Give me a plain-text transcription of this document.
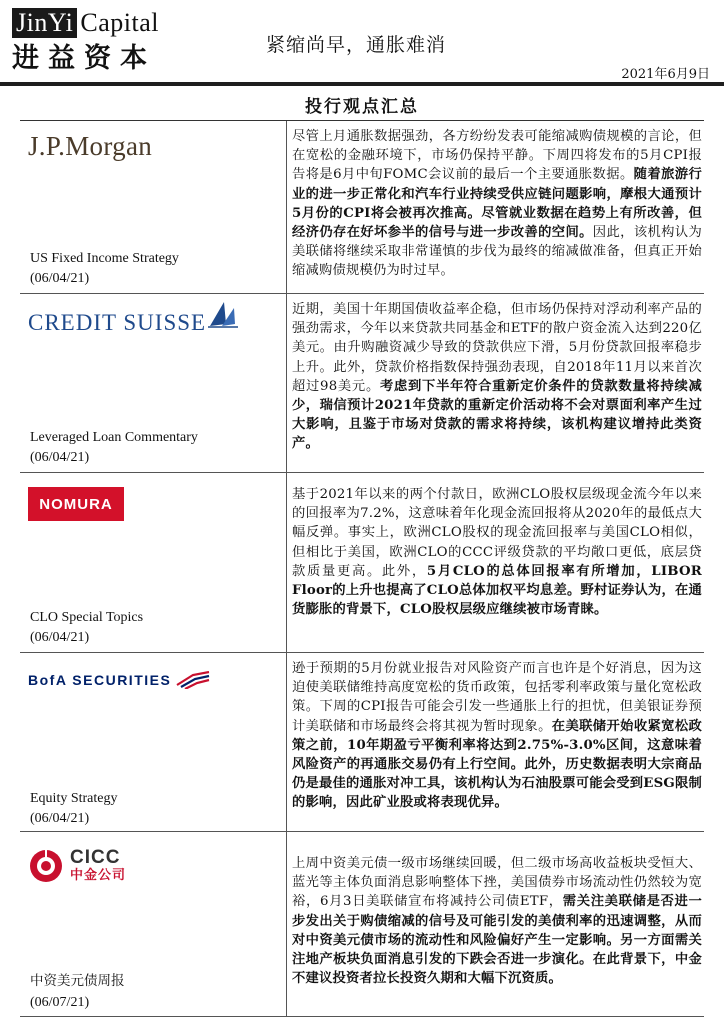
JinYi Capital
进益资本	紧缩尚早，通胀难消
2021年6月9日
投行观点汇总
J.P.Morgan
US Fixed Income Strategy
(06/04/21)
尽管上月通胀数据强劲，各方纷纷发表可能缩减购债规模的言论，但在宽松的金融环境下，市场仍保持平静。下周四将发布的5月CPI报告将是6月中旬FOMC会议前的最后一个主要通胀数据。随着旅游行业的进一步正常化和汽车行业持续受供应链问题影响，摩根大通预计5月份的CPI将会被再次推高。尽管就业数据在趋势上有所改善，但经济仍存在好坏参半的信号与进一步改善的空间。因此，该机构认为美联储将继续采取非常谨慎的步伐为最终的缩减做准备，但真正开始缩减购债规模仍为时过早。
CREDIT SUISSE
Leveraged Loan Commentary
(06/04/21)
近期，美国十年期国债收益率企稳，但市场仍保持对浮动利率产品的强劲需求，今年以来贷款共同基金和ETF的散户资金流入达到220亿美元。由升购融资减少导致的贷款供应下滑，5月份贷款回报率稳步上升。此外，贷款价格指数保持强劲表现，自2018年11月以来首次超过98美元。考虑到下半年符合重新定价条件的贷款数量将持续减少，瑞信预计2021年贷款的重新定价活动将不会对票面利率产生过大影响，且鉴于市场对贷款的需求将持续，该机构建议增持此类资产。
NOMURA
CLO Special Topics
(06/04/21)
基于2021年以来的两个付款日，欧洲CLO股权层级现金流今年以来的回报率为7.2%，这意味着年化现金流回报将从2020年的最低点大幅反弹。事实上，欧洲CLO股权的现金流回报率与美国CLO相似，但相比于美国，欧洲CLO的CCC评级贷款的平均敞口更低，底层贷款质量更高。此外，5月CLO的总体回报率有所增加，LIBOR Floor的上升也提高了CLO总体加权平均息差。野村证券认为，在通货膨胀的背景下，CLO股权层级应继续被市场青睐。
BofA SECURITIES
Equity Strategy
(06/04/21)
逊于预期的5月份就业报告对风险资产而言也许是个好消息，因为这迫使美联储维持高度宽松的货币政策，包括零利率政策与量化宽松政策。下周的CPI报告可能会引发一些通胀上行的担忧，但美银证券预计美联储和市场最终会将其视为暂时现象。在美联储开始收紧宽松政策之前，10年期盈亏平衡利率将达到2.75%-3.0%区间，这意味着风险资产的再通胀交易仍有上行空间。此外，历史数据表明大宗商品仍是最佳的通胀对冲工具，该机构认为石油股票可能会受到ESG限制的影响，因此矿业股或将表现优异。
CICC
中金公司
中资美元债周报
(06/07/21)
上周中资美元债一级市场继续回暖，但二级市场高收益板块受恒大、蓝光等主体负面消息影响整体下挫，美国债券市场流动性仍然较为宽裕，6月3日美联储宣布将减持公司债ETF，需关注美联储是否进一步发出关于购债缩减的信号及可能引发的美债利率的迅速调整，从而对中资美元债市场的流动性和风险偏好产生一定影响。另一方面需关注地产板块负面消息引发的下跌会否进一步演化。在此背景下，中金不建议投资者拉长投资久期和大幅下沉资质。
